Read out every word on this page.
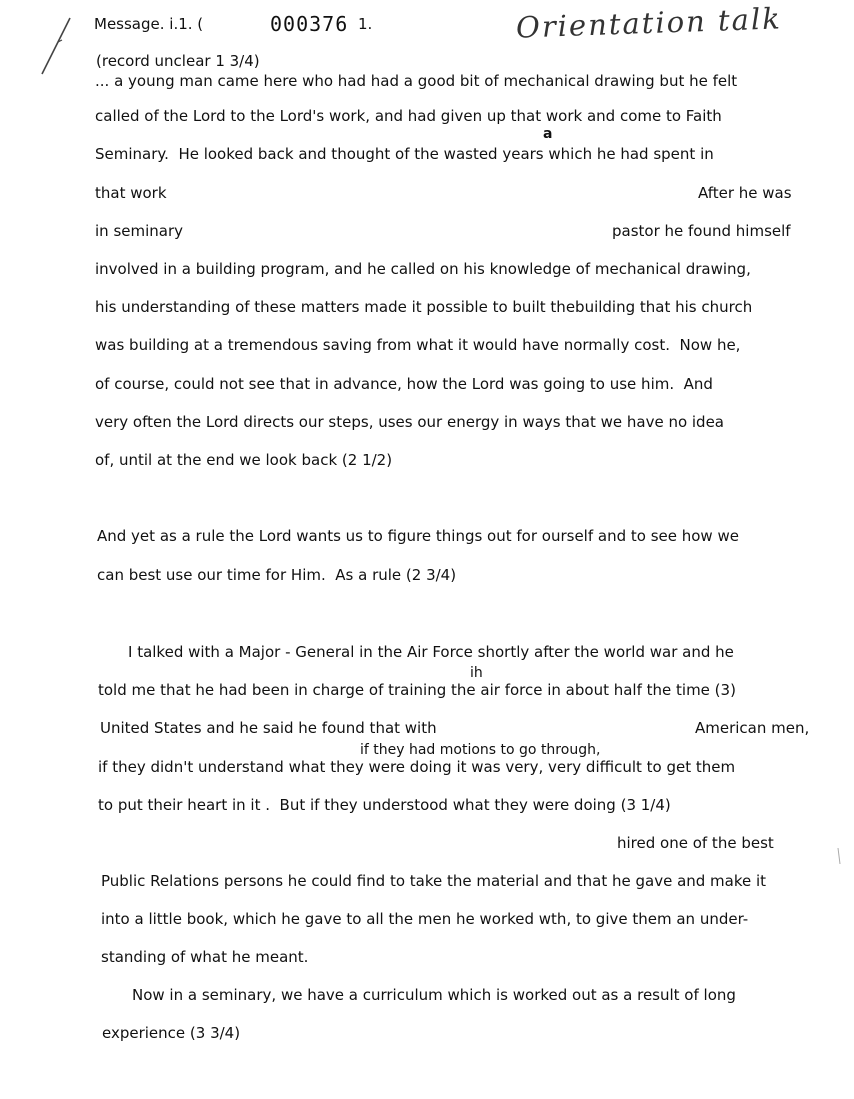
Message. i.1. (	000376 1.	Orientation talk
(record unclear 1 3/4)
... a young man came here who had had a good bit of mechanical drawing but he felt
called of the Lord to the Lord's work, and had given up that work and come to Faith
a
Seminary.  He looked back and thought of the wasted years which he had spent in
that work	After he was
in seminary	pastor he found himself
involved in a building program, and he called on his knowledge of mechanical drawing,
his understanding of these matters made it possible to built thebuilding that his church
was building at a tremendous saving from what it would have normally cost.  Now he,
of course, could not see that in advance, how the Lord was going to use him.  And
very often the Lord directs our steps, uses our energy in ways that we have no idea
of, until at the end we look back (2 1/2)
And yet as a rule the Lord wants us to figure things out for ourself and to see how we
can best use our time for Him.  As a rule (2 3/4)
I talked with a Major - General in the Air Force shortly after the world war and he
ih
told me that he had been in charge of training the air force in about half the time (3)
United States and he said he found that with	American men,
if they had motions to go through,
if they didn't understand what they were doing it was very, very difficult to get them
to put their heart in it .  But if they understood what they were doing (3 1/4)
hired one of the best
Public Relations persons he could find to take the material and that he gave and make it
into a little book, which he gave to all the men he worked wth, to give them an under-
standing of what he meant.
Now in a seminary, we have a curriculum which is worked out as a result of long
experience (3 3/4)
